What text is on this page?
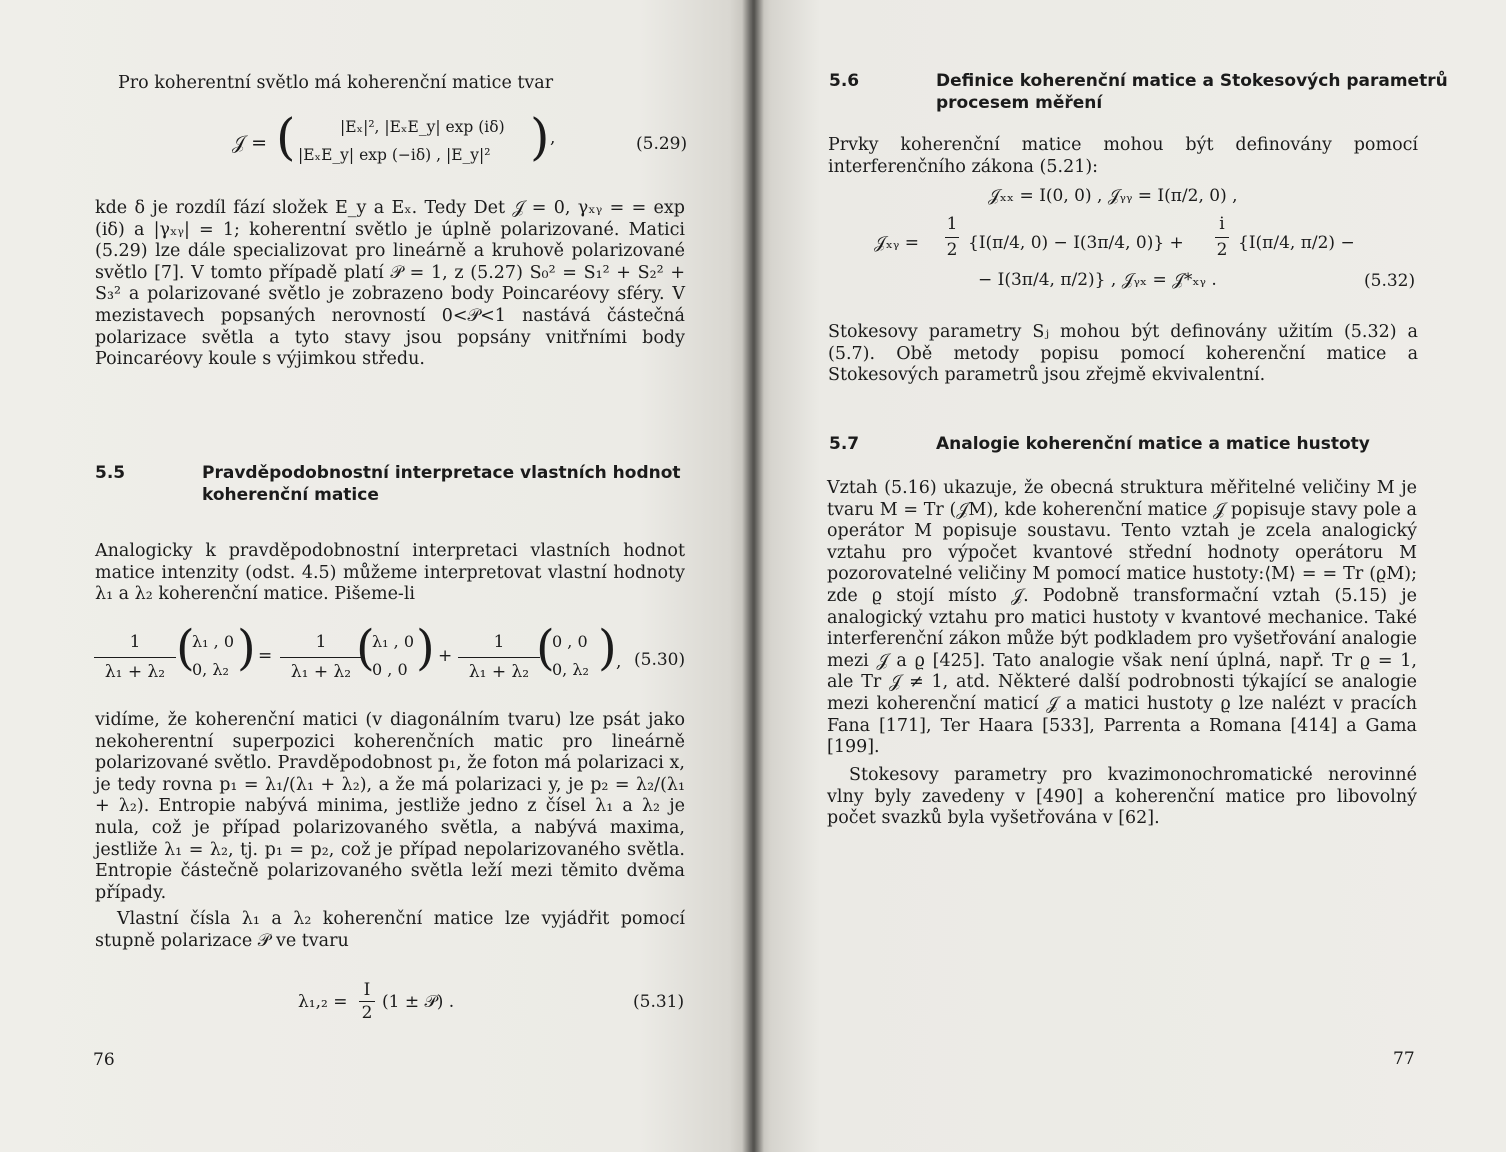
Pro koherentní světlo má koherenční matice tvar
𝒥 = (	|Eₓ|², |EₓE_y| exp (iδ)
|EₓE_y| exp (−iδ) , |E_y|² ) ,	(5.29)
kde δ je rozdíl fází složek E_y a Eₓ. Tedy Det 𝒥 = 0, γₓᵧ = = exp (iδ) a |γₓᵧ| = 1; koherentní světlo je úplně polarizované. Matici (5.29) lze dále specializovat pro lineárně a kruhově polarizované světlo [7]. V tomto případě platí 𝒫 = 1, z (5.27) S₀² = S₁² + S₂² + S₃² a polarizované světlo je zobrazeno body Poincaréovy sféry. V mezistavech popsaných nerovností 0<𝒫<1 nastává částečná polarizace světla a tyto stavy jsou popsány vnitřními body Poincaréovy koule s výjimkou středu.
5.5	Pravděpodobnostní interpretace vlastních hodnot
koherenční matice
Analogicky k pravděpodobnostní interpretaci vlastních hodnot matice intenzity (odst. 4.5) můžeme interpretovat vlastní hodnoty λ₁ a λ₂ koherenční matice. Pišeme-li
1
λ₁ + λ₂ (
λ₁ , 0
0, λ₂ ) =
1
λ₁ + λ₂ (
λ₁ , 0
0 , 0 ) +
1
λ₁ + λ₂ (
0 , 0
0, λ₂ ) , (5.30)
vidíme, že koherenční matici (v diagonálním tvaru) lze psát jako nekoherentní superpozici koherenčních matic pro lineárně polarizované světlo. Pravděpodobnost p₁, že foton má polarizaci x, je tedy rovna p₁ = λ₁/(λ₁ + λ₂), a že má polarizaci y, je p₂ = λ₂/(λ₁ + λ₂). Entropie nabývá minima, jestliže jedno z čísel λ₁ a λ₂ je nula, což je případ polarizovaného světla, a nabývá maxima, jestliže λ₁ = λ₂, tj. p₁ = p₂, což je případ nepolarizovaného světla. Entropie částečně polarizovaného světla leží mezi těmito dvěma případy.
Vlastní čísla λ₁ a λ₂ koherenční matice lze vyjádřit pomocí stupně polarizace 𝒫 ve tvaru
λ₁,₂ =
I
2
(1 ± 𝒫) .	(5.31)
76
5.6	Definice koherenční matice a Stokesových parametrů
procesem měření
Prvky koherenční matice mohou být definovány pomocí interferenčního zákona (5.21):
𝒥ₓₓ = I(0, 0) , 𝒥ᵧᵧ = I(π/2, 0) ,
𝒥ₓᵧ =
1
2 {I(π/4, 0) − I(3π/4, 0)} +
i
2 {I(π/4, π/2) −
− I(3π/4, π/2)} , 𝒥ᵧₓ = 𝒥*ₓᵧ .	(5.32)
Stokesovy parametry Sⱼ mohou být definovány užitím (5.32) a (5.7). Obě metody popisu pomocí koherenční matice a Stokesových parametrů jsou zřejmě ekvivalentní.
5.7	Analogie koherenční matice a matice hustoty
Vztah (5.16) ukazuje, že obecná struktura měřitelné veličiny M je tvaru M = Tr (𝒥M), kde koherenční matice 𝒥 popisuje stavy pole a operátor M popisuje soustavu. Tento vztah je zcela analogický vztahu pro výpočet kvantové střední hodnoty operátoru M pozorovatelné veličiny M pomocí matice hustoty:⟨M⟩ = = Tr (ϱM); zde ϱ stojí místo 𝒥. Podobně transformační vztah (5.15) je analogický vztahu pro matici hustoty v kvantové mechanice. Také interferenční zákon může být podkladem pro vyšetřování analogie mezi 𝒥 a ϱ [425]. Tato analogie však není úplná, např. Tr ϱ = 1, ale Tr 𝒥 ≠ 1, atd. Některé další podrobnosti týkající se analogie mezi koherenční maticí 𝒥 a matici hustoty ϱ lze nalézt v pracích Fana [171], Ter Haara [533], Parrenta a Romana [414] a Gama [199].
Stokesovy parametry pro kvazimonochromatické nerovinné vlny byly zavedeny v [490] a koherenční matice pro libovolný počet svazků byla vyšetřována v [62].
77
